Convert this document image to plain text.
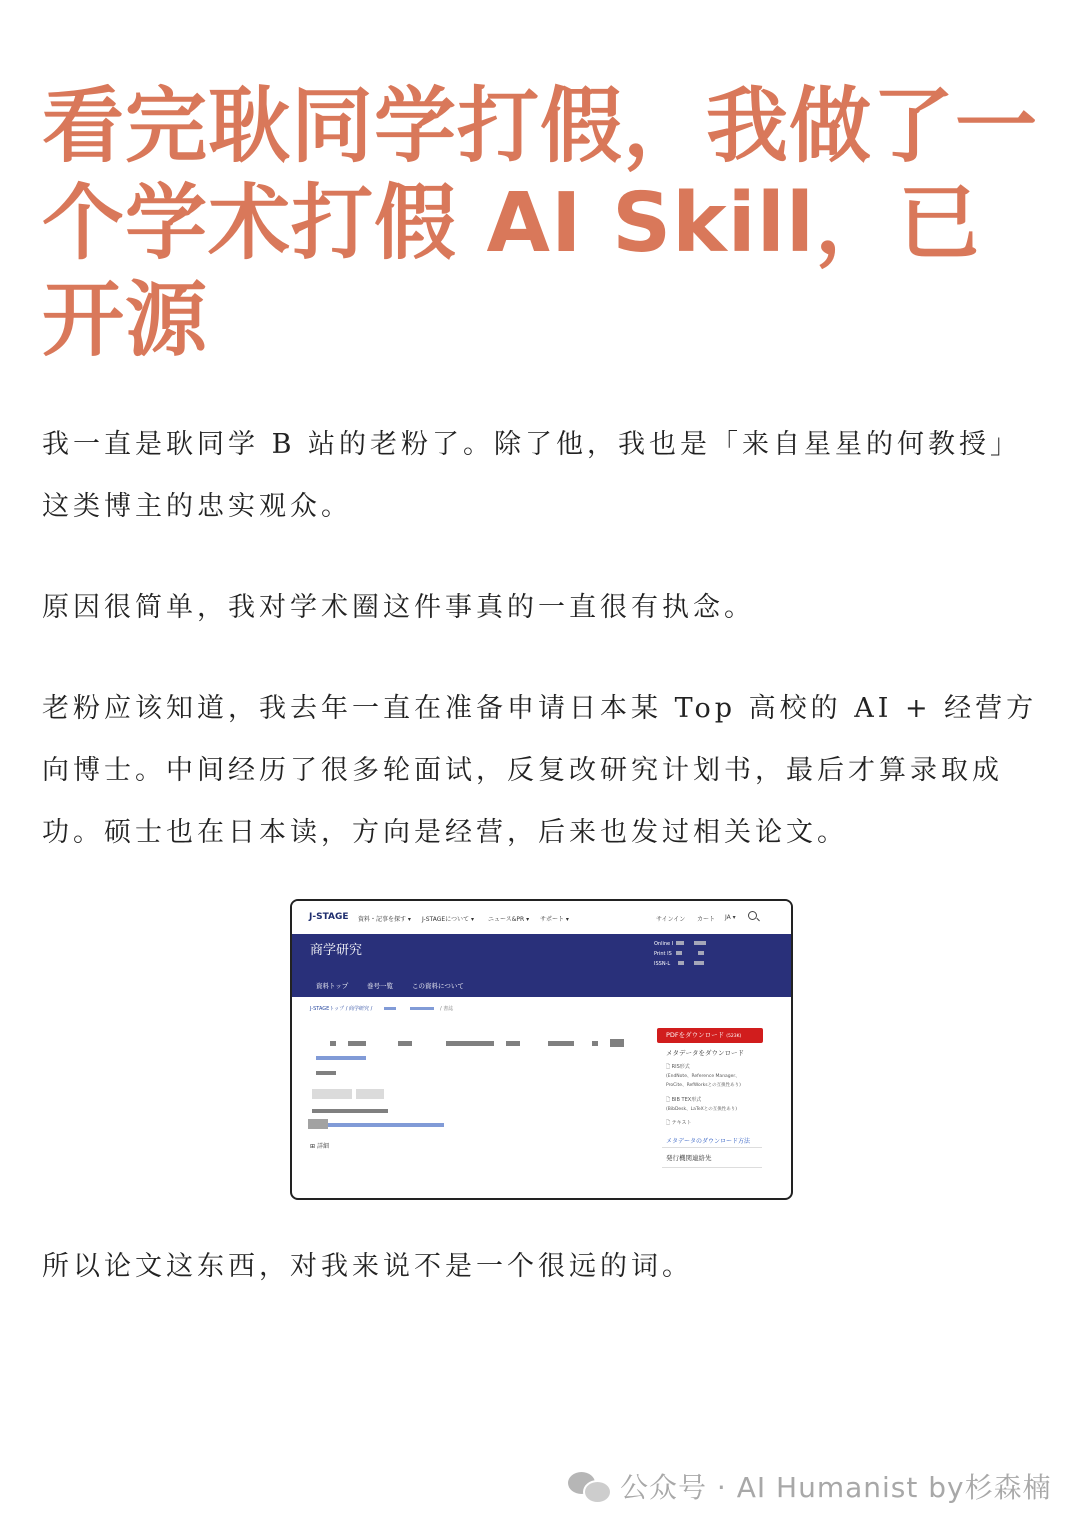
看完耿同学打假，我做了一个学术打假 AI Skill，已开源

我一直是耿同学 B 站的老粉了。除了他，我也是「来自星星的何教授」这类博主的忠实观众。

原因很简单，我对学术圈这件事真的一直很有执念。

老粉应该知道，我去年一直在准备申请日本某 Top 高校的 AI + 经营方向博士。中间经历了很多轮面试，反复改研究计划书，最后才算录取成功。硕士也在日本读，方向是经营，后来也发过相关论文。

J-STAGE 資料・記事を探す ▾ J-STAGEについて ▾ ニュース&PR ▾ サポート ▾	サインイン カート JA ▾
商学研究	Online I
Print IS
ISSN-L
資料トップ	巻号一覧	この資料について
J-STAGEトップ / 商学研究 /	/ 書誌
⊞ 詳細
PDFをダウンロード (523K)
メタデータをダウンロード
🗋 RIS形式
(EndNote、Reference Manager、
ProCite、RefWorksとの互換性あり)
🗋 BIB TEX形式
(BibDesk、LaTeXとの互換性あり)
🗋 テキスト
メタデータのダウンロード方法
発行機関連絡先

所以论文这东西，对我来说不是一个很远的词。

公众号 · AI Humanist by杉森楠
